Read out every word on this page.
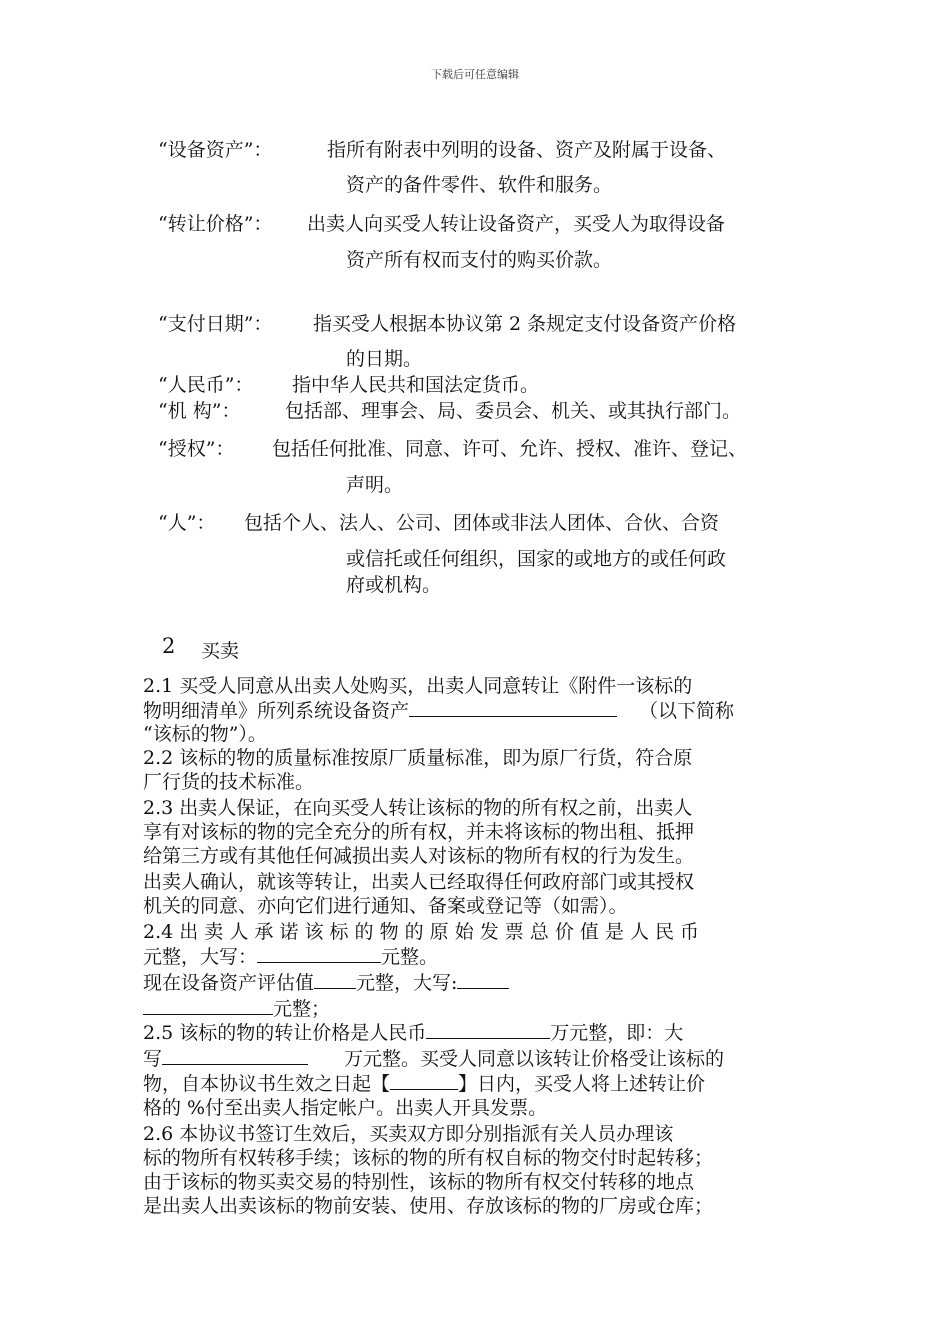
下载后可任意编辑
“设备资产”：	指所有附表中列明的设备、资产及附属于设备、
资产的备件零件、软件和服务。
“转让价格”： 出卖人向买受人转让设备资产，买受人为取得设备
资产所有权而支付的购买价款。
“支付日期”： 指买受人根据本协议第 2 条规定支付设备资产价格
的日期。
“人民币”： 指中华人民共和国法定货币。
“机 构”： 包括部、理事会、局、委员会、机关、或其执行部门。
“授权”： 包括任何批准、同意、许可、允许、授权、准许、登记、
声明。
“人”： 包括个人、法人、公司、团体或非法人团体、合伙、合资
或信托或任何组织，国家的或地方的或任何政
府或机构。
2 买卖
2.1 买受人同意从出卖人处购买，出卖人同意转让《附件一该标的
物明细清单》所列系统设备资产	（以下简称
“该标的物”）。
2.2 该标的物的质量标准按原厂质量标准，即为原厂行货，符合原
厂行货的技术标准。
2.3 出卖人保证，在向买受人转让该标的物的所有权之前，出卖人
享有对该标的物的完全充分的所有权，并未将该标的物出租、抵押
给第三方或有其他任何减损出卖人对该标的物所有权的行为发生。
出卖人确认，就该等转让，出卖人已经取得任何政府部门或其授权
机关的同意、亦向它们进行通知、备案或登记等（如需）。
2.4 出 卖 人 承 诺 该 标 的 物 的 原 始 发 票 总 价 值 是 人 民 币
元整，大写：	元整。
现在设备资产评估值 元整，大写:
元整；
2.5 该标的物的转让价格是人民币	万元整，即：大
写	万元整。买受人同意以该转让价格受让该标的
物，自本协议书生效之日起【	】日内，买受人将上述转让价
格的 %付至出卖人指定帐户。出卖人开具发票。
2.6 本协议书签订生效后，买卖双方即分别指派有关人员办理该
标的物所有权转移手续；该标的物的所有权自标的物交付时起转移；
由于该标的物买卖交易的特别性，该标的物所有权交付转移的地点
是出卖人出卖该标的物前安装、使用、存放该标的物的厂房或仓库；
